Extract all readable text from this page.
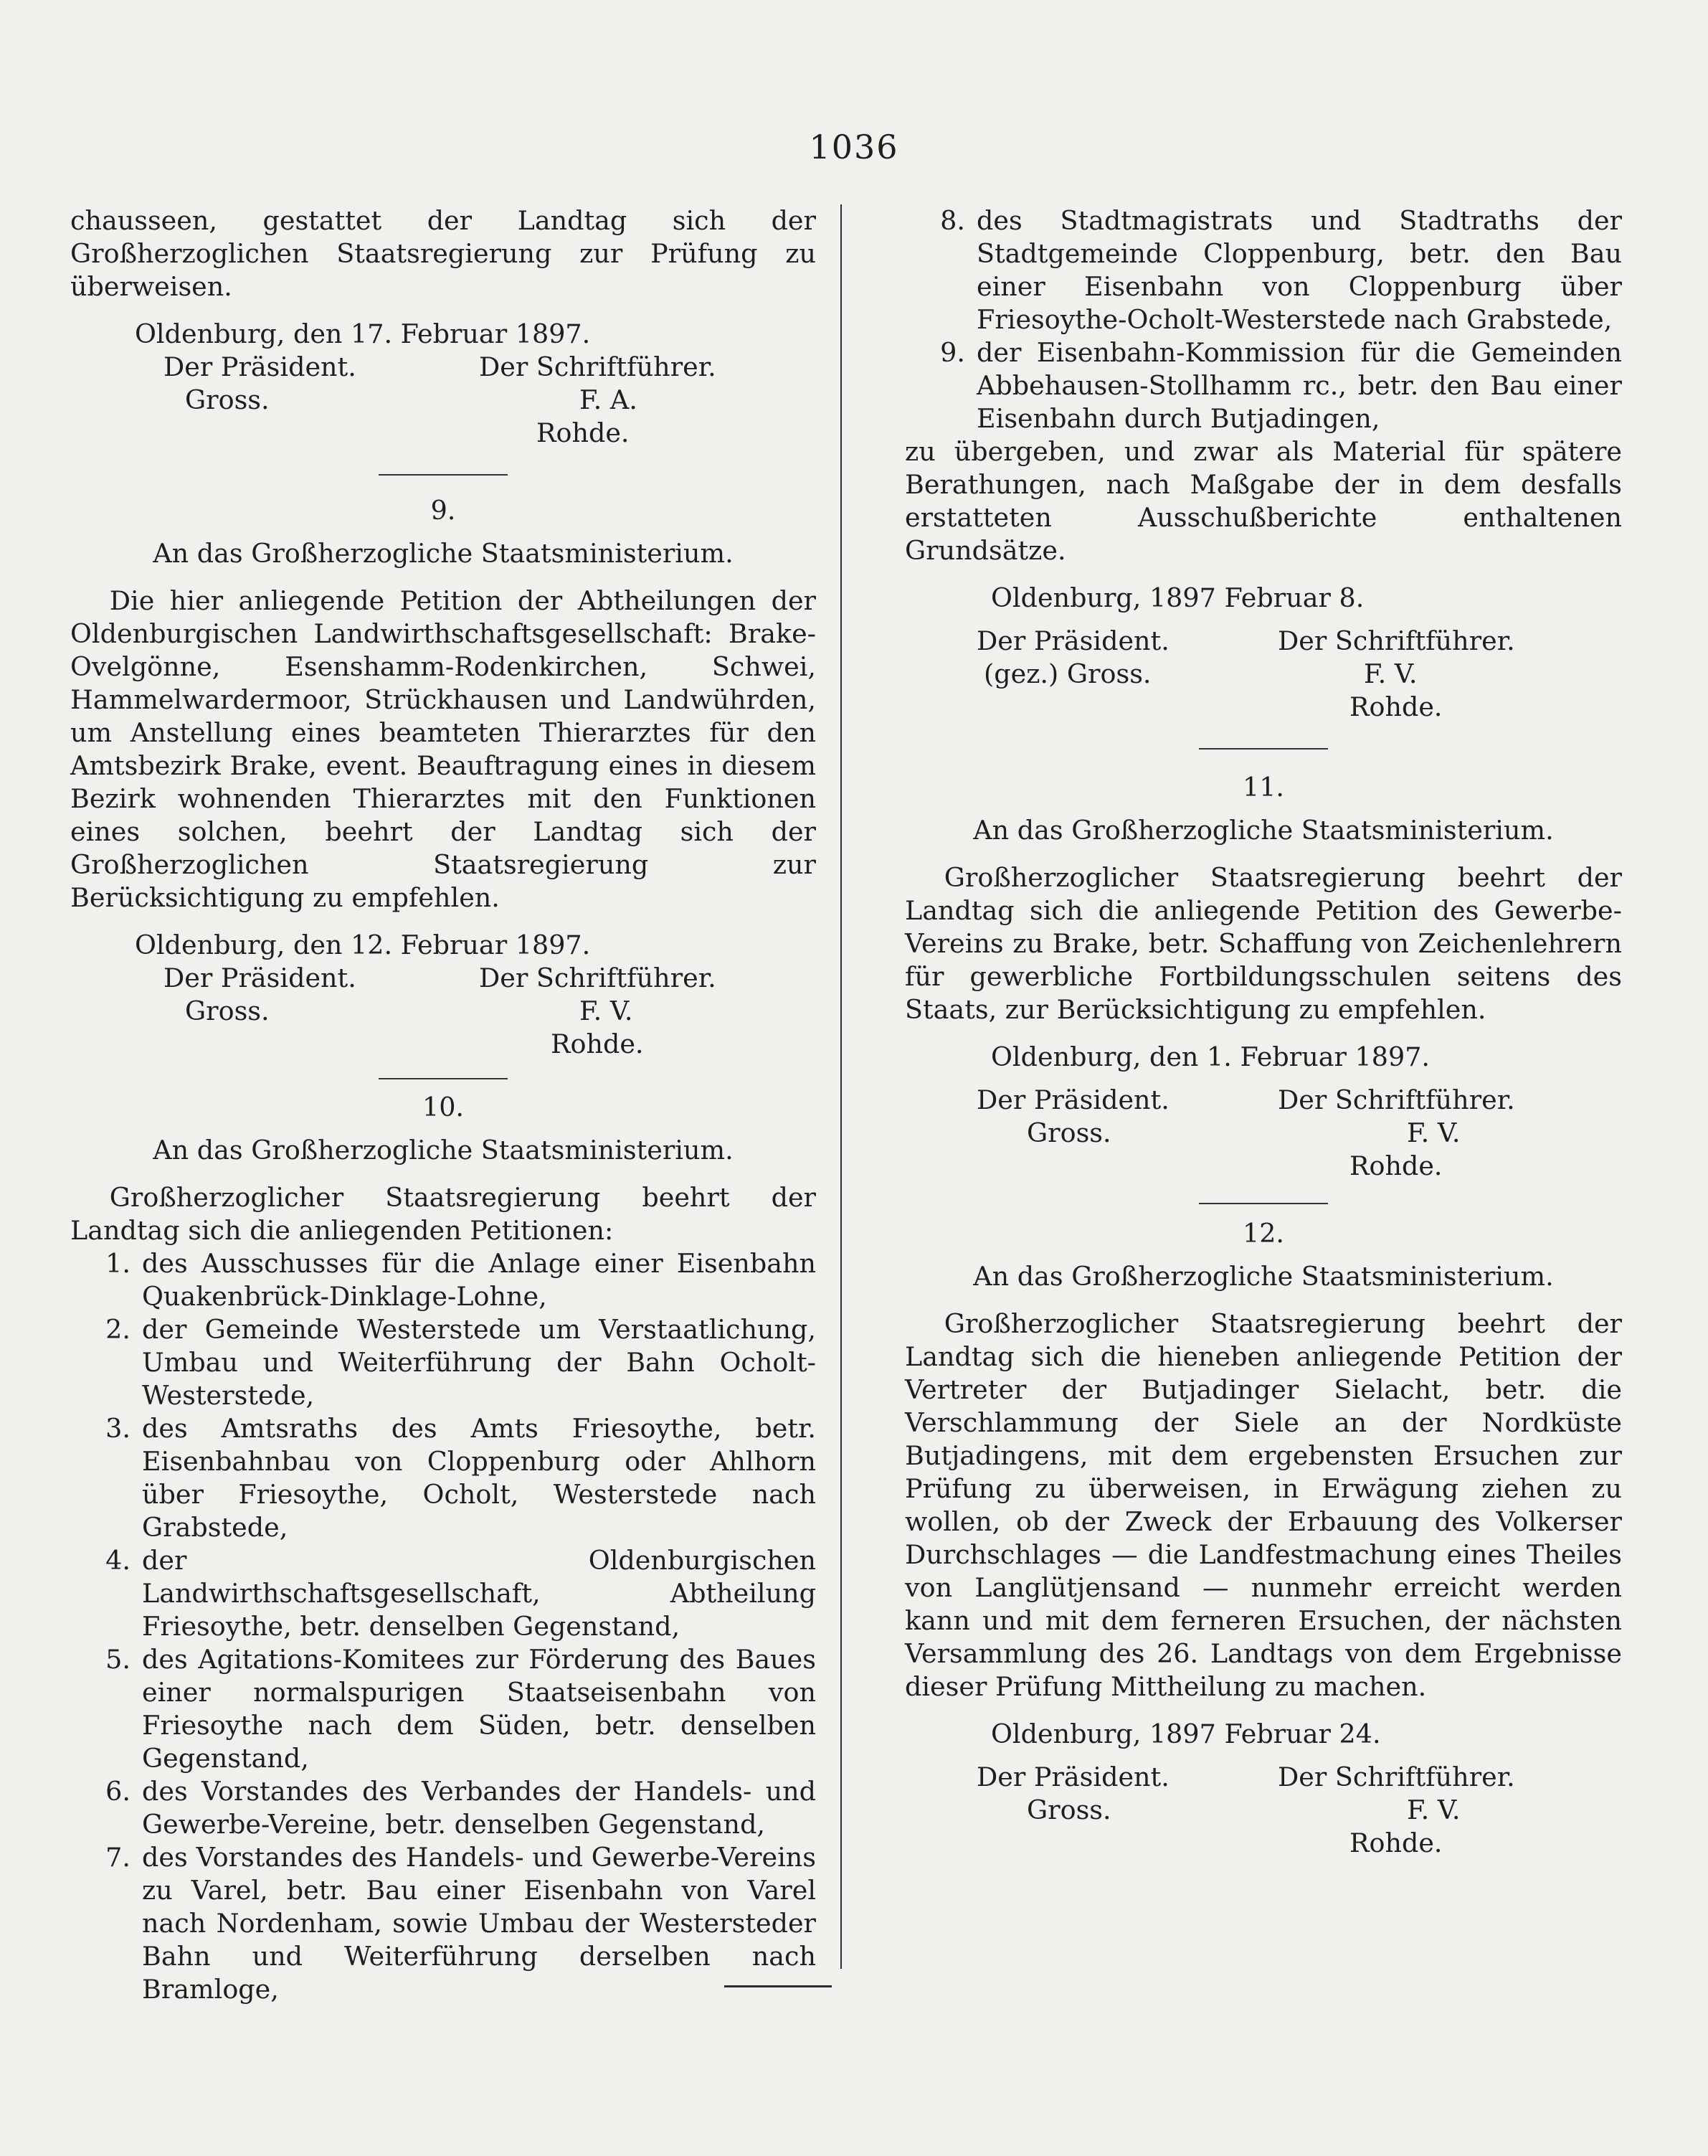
1036

chausseen, gestattet der Landtag sich der Großherzoglichen Staatsregierung zur Prüfung zu überweisen.

Oldenburg, den 17. Februar 1897.

Der Präsident.	Der Schriftführer.
Gross.	F. A.
Rohde.

9.

An das Großherzogliche Staatsministerium.

Die hier anliegende Petition der Abtheilungen der Oldenburgischen Landwirthschaftsgesellschaft: Brake-Ovelgönne, Esenshamm-Rodenkirchen, Schwei, Hammelwardermoor, Strückhausen und Landwührden, um Anstellung eines beamteten Thierarztes für den Amtsbezirk Brake, event. Beauftragung eines in diesem Bezirk wohnenden Thierarztes mit den Funktionen eines solchen, beehrt der Landtag sich der Großherzoglichen Staatsregierung zur Berücksichtigung zu empfehlen.

Oldenburg, den 12. Februar 1897.

Der Präsident.	Der Schriftführer.
Gross.	F. V.
Rohde.

10.

An das Großherzogliche Staatsministerium.

Großherzoglicher Staatsregierung beehrt der Landtag sich die anliegenden Petitionen:

1. des Ausschusses für die Anlage einer Eisenbahn Quakenbrück-Dinklage-Lohne,
2. der Gemeinde Westerstede um Verstaatlichung, Umbau und Weiterführung der Bahn Ocholt-Westerstede,
3. des Amtsraths des Amts Friesoythe, betr. Eisenbahnbau von Cloppenburg oder Ahlhorn über Friesoythe, Ocholt, Westerstede nach Grabstede,
4. der Oldenburgischen Landwirthschaftsgesellschaft, Abtheilung Friesoythe, betr. denselben Gegenstand,
5. des Agitations-Komitees zur Förderung des Baues einer normalspurigen Staatseisenbahn von Friesoythe nach dem Süden, betr. denselben Gegenstand,
6. des Vorstandes des Verbandes der Handels- und Gewerbe-Vereine, betr. denselben Gegenstand,
7. des Vorstandes des Handels- und Gewerbe-Vereins zu Varel, betr. Bau einer Eisenbahn von Varel nach Nordenham, sowie Umbau der Westersteder Bahn und Weiterführung derselben nach Bramloge,
8. des Stadtmagistrats und Stadtraths der Stadtgemeinde Cloppenburg, betr. den Bau einer Eisenbahn von Cloppenburg über Friesoythe-Ocholt-Westerstede nach Grabstede,
9. der Eisenbahn-Kommission für die Gemeinden Abbehausen-Stollhamm rc., betr. den Bau einer Eisenbahn durch Butjadingen,

zu übergeben, und zwar als Material für spätere Berathungen, nach Maßgabe der in dem desfalls erstatteten Ausschußberichte enthaltenen Grundsätze.

Oldenburg, 1897 Februar 8.

Der Präsident.	Der Schriftführer.
(gez.) Gross.	F. V.
Rohde.

11.

An das Großherzogliche Staatsministerium.

Großherzoglicher Staatsregierung beehrt der Landtag sich die anliegende Petition des Gewerbe-Vereins zu Brake, betr. Schaffung von Zeichenlehrern für gewerbliche Fortbildungsschulen seitens des Staats, zur Berücksichtigung zu empfehlen.

Oldenburg, den 1. Februar 1897.

Der Präsident.	Der Schriftführer.
Gross.	F. V.
Rohde.

12.

An das Großherzogliche Staatsministerium.

Großherzoglicher Staatsregierung beehrt der Landtag sich die hieneben anliegende Petition der Vertreter der Butjadinger Sielacht, betr. die Verschlammung der Siele an der Nordküste Butjadingens, mit dem ergebensten Ersuchen zur Prüfung zu überweisen, in Erwägung ziehen zu wollen, ob der Zweck der Erbauung des Volkerser Durchschlages — die Landfestmachung eines Theiles von Langlütjensand — nunmehr erreicht werden kann und mit dem ferneren Ersuchen, der nächsten Versammlung des 26. Landtags von dem Ergebnisse dieser Prüfung Mittheilung zu machen.

Oldenburg, 1897 Februar 24.

Der Präsident.	Der Schriftführer.
Gross.	F. V.
Rohde.
